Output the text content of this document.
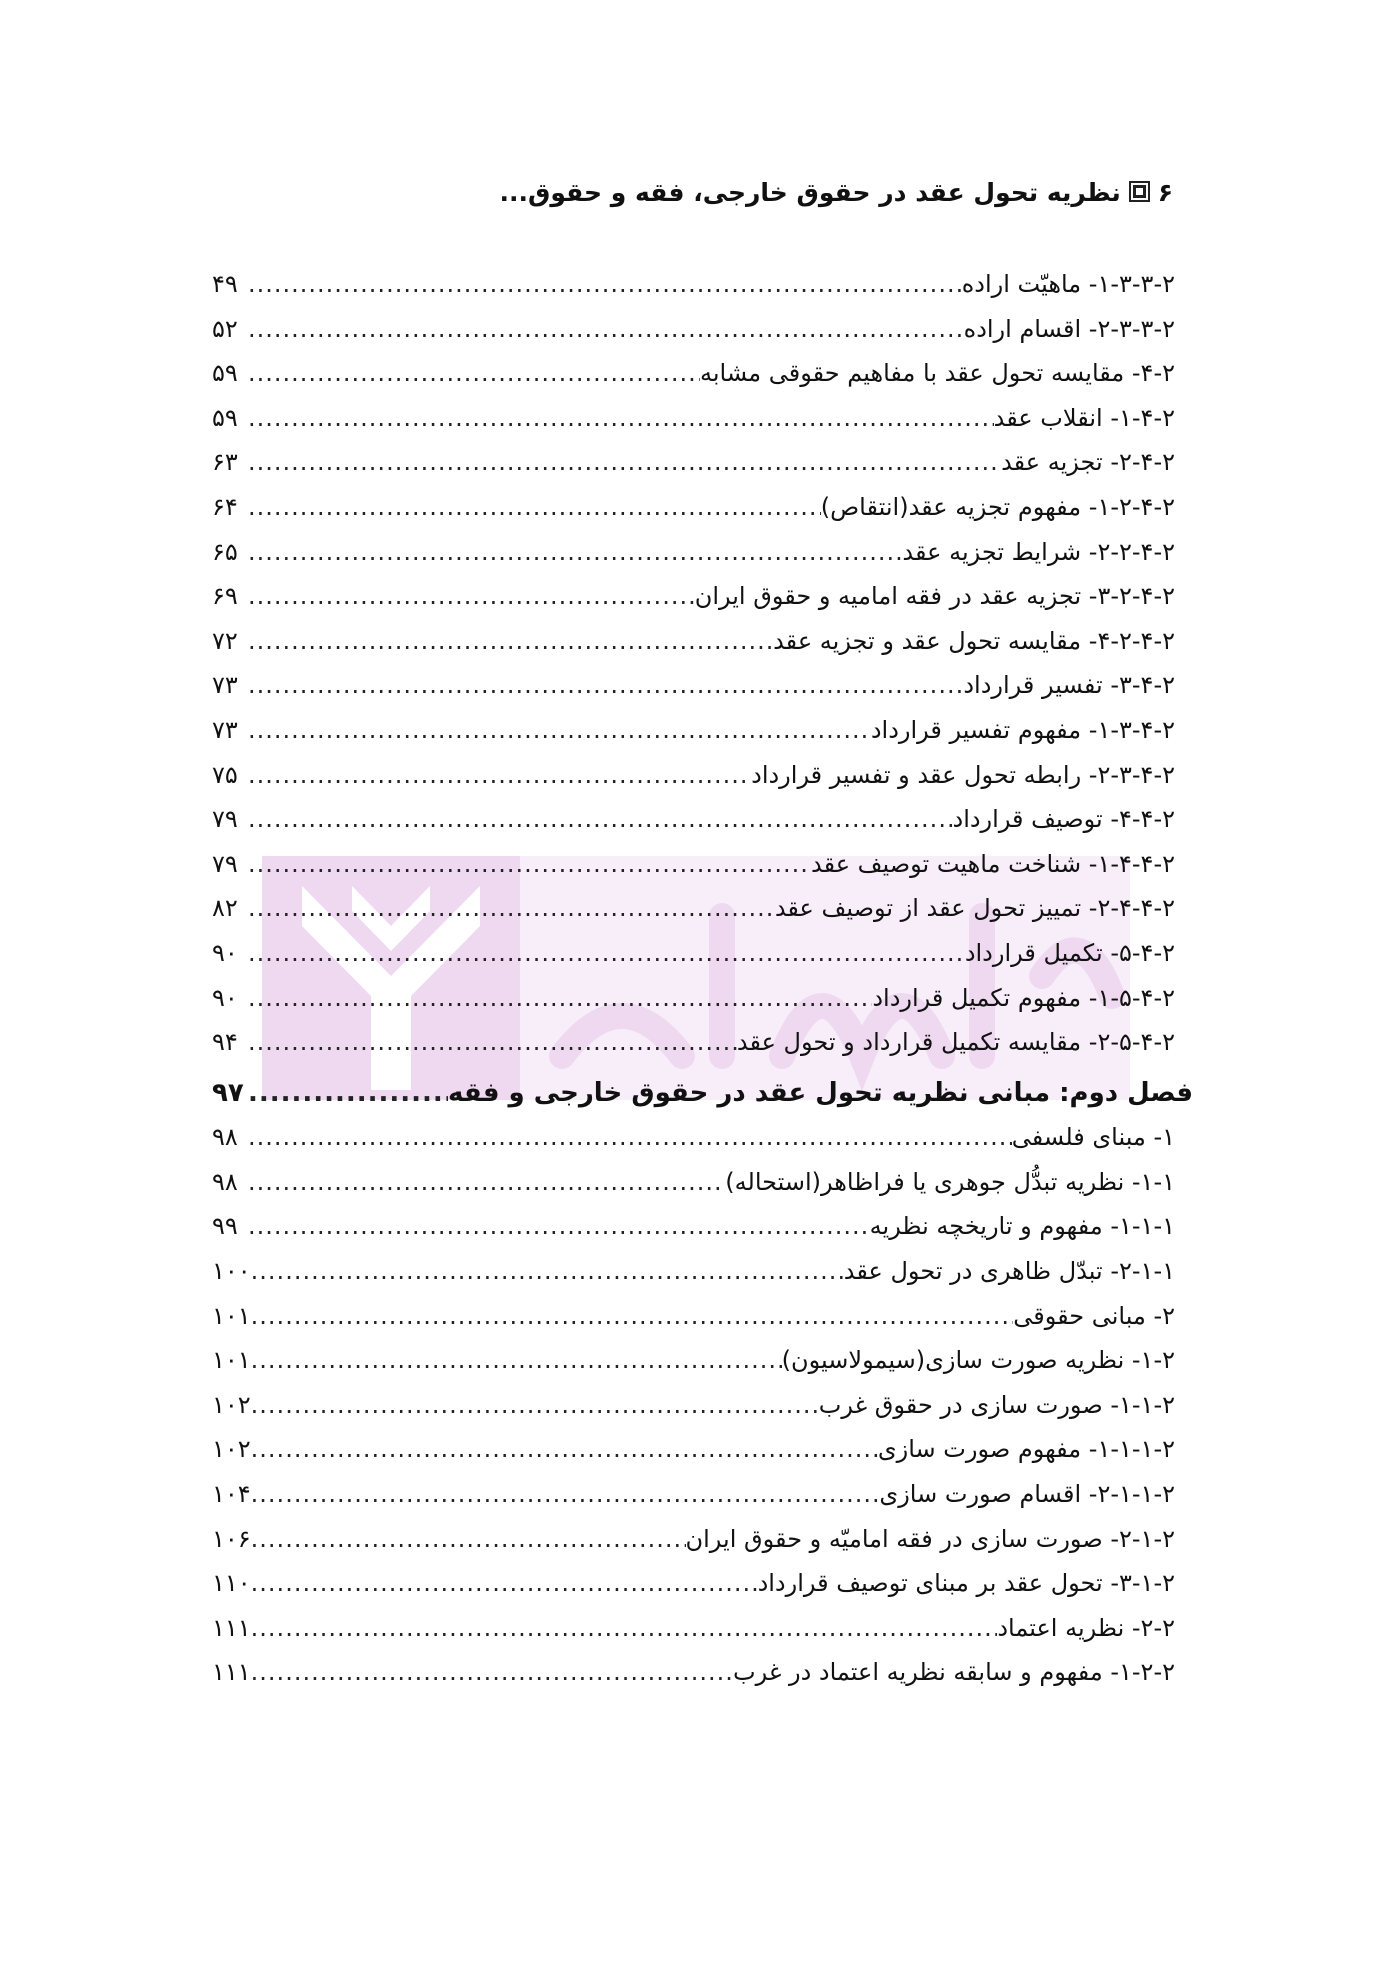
۶نظریه تحول عقد در حقوق خارجی، فقه و حقوق...
قانون یار
۱-۳-۳-۲- ماهیّت اراده
.....
۴۹
۲-۳-۳-۲- اقسام اراده
.....
۵۲
۴-۲- مقایسه تحول عقد با مفاهیم حقوقی مشابه
.....
۵۹
۱-۴-۲- انقلاب عقد
.....
۵۹
۲-۴-۲- تجزیه عقد
.....
۶۳
۱-۲-۴-۲- مفهوم تجزیه عقد(انتقاص)
.....
۶۴
۲-۲-۴-۲- شرایط تجزیه عقد
.....
۶۵
۳-۲-۴-۲- تجزیه عقد در فقه امامیه و حقوق ایران
.....
۶۹
۴-۲-۴-۲- مقایسه تحول عقد و تجزیه عقد
.....
۷۲
۳-۴-۲- تفسیر قرارداد
.....
۷۳
۱-۳-۴-۲- مفهوم تفسیر قرارداد
.....
۷۳
۲-۳-۴-۲- رابطه تحول عقد و تفسیر قرارداد
.....
۷۵
۴-۴-۲- توصیف قرارداد
.....
۷۹
۱-۴-۴-۲- شناخت ماهیت توصیف عقد
.....
۷۹
۲-۴-۴-۲- تمییز تحول عقد از توصیف عقد
.....
۸۲
۵-۴-۲- تکمیل قرارداد
.....
۹۰
۱-۵-۴-۲- مفهوم تکمیل قرارداد
.....
۹۰
۲-۵-۴-۲- مقایسه تکمیل قرارداد و تحول عقد
.....
۹۴
فصل دوم: مبانی نظریه تحول عقد در حقوق خارجی و فقه
.....
۹۷
۱- مبنای فلسفی
.....
۹۸
۱-۱- نظریه تبدُّل جوهری یا فراظاهر(استحاله)
.....
۹۸
۱-۱-۱- مفهوم و تاریخچه نظریه
.....
۹۹
۲-۱-۱- تبدّل ظاهری در تحول عقد
.....
۱۰۰
۲- مبانی حقوقی
.....
۱۰۱
۱-۲- نظریه صورت سازی(سیمولاسیون)
.....
۱۰۱
۱-۱-۲- صورت سازی در حقوق غرب
.....
۱۰۲
۱-۱-۱-۲- مفهوم صورت سازی
.....
۱۰۲
۲-۱-۱-۲- اقسام صورت سازی
.....
۱۰۴
۲-۱-۲- صورت سازی در فقه امامیّه و حقوق ایران
.....
۱۰۶
۳-۱-۲- تحول عقد بر مبنای توصیف قرارداد
.....
۱۱۰
۲-۲- نظریه اعتماد
.....
۱۱۱
۱-۲-۲- مفهوم و سابقه نظریه اعتماد در غرب
.....
۱۱۱
